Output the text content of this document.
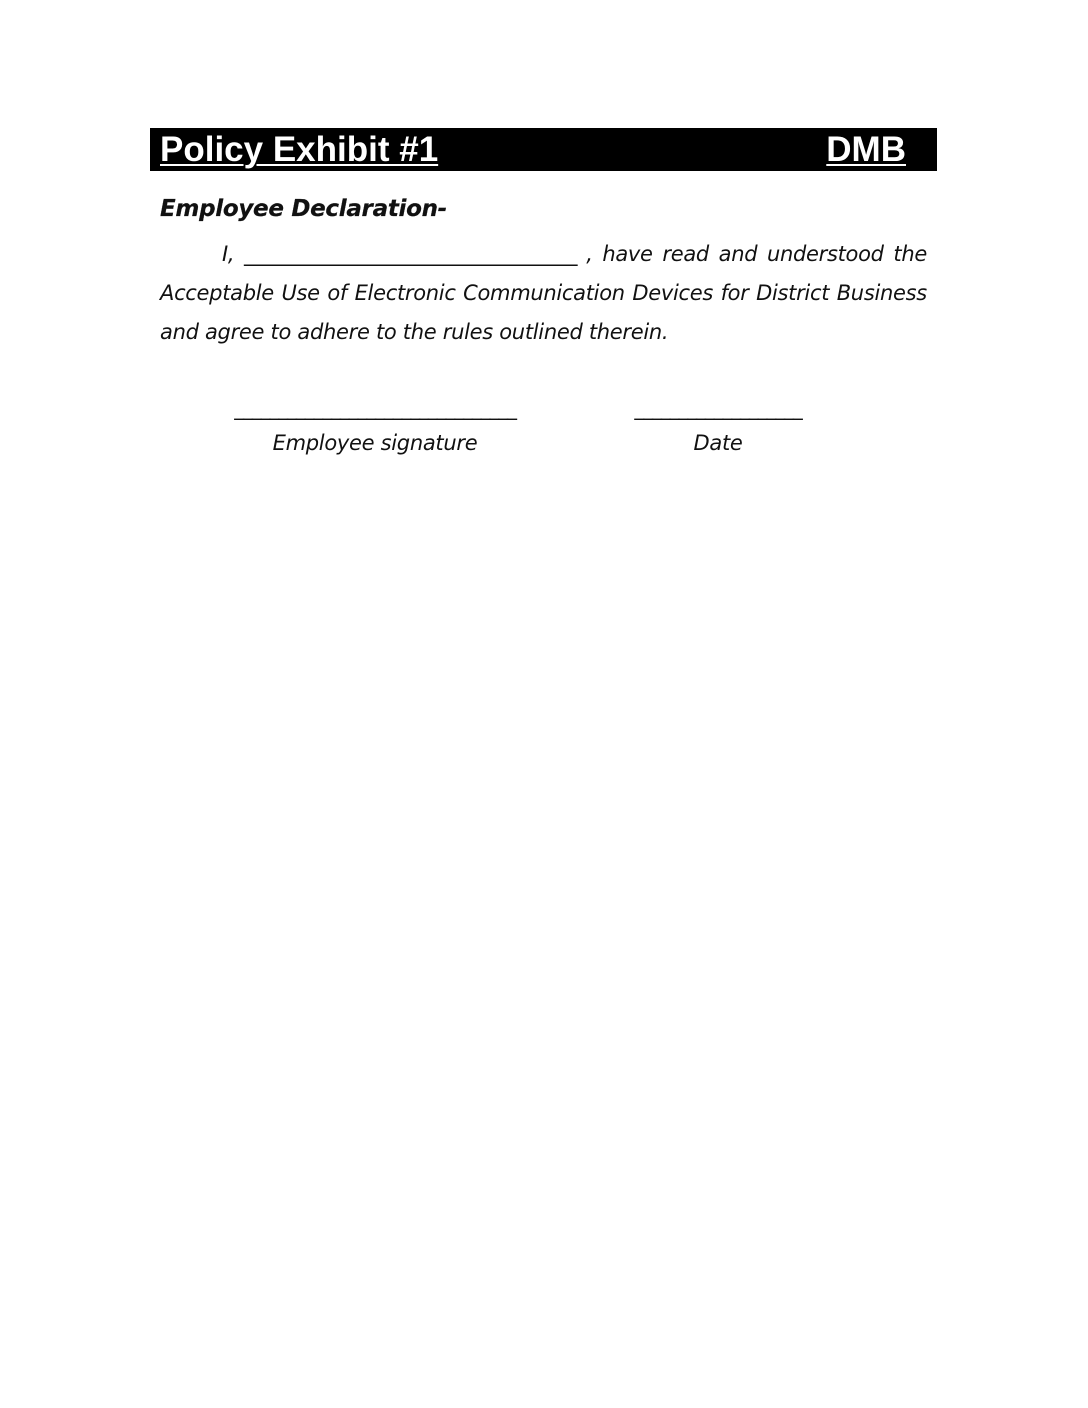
Policy Exhibit #1	DMB
Employee Declaration-
I, ___________________________________ , have read and understood the
Acceptable Use of Electronic Communication Devices for District Business
and agree to adhere to the rules outlined therein.
________________________________
Employee signature
___________________
Date
